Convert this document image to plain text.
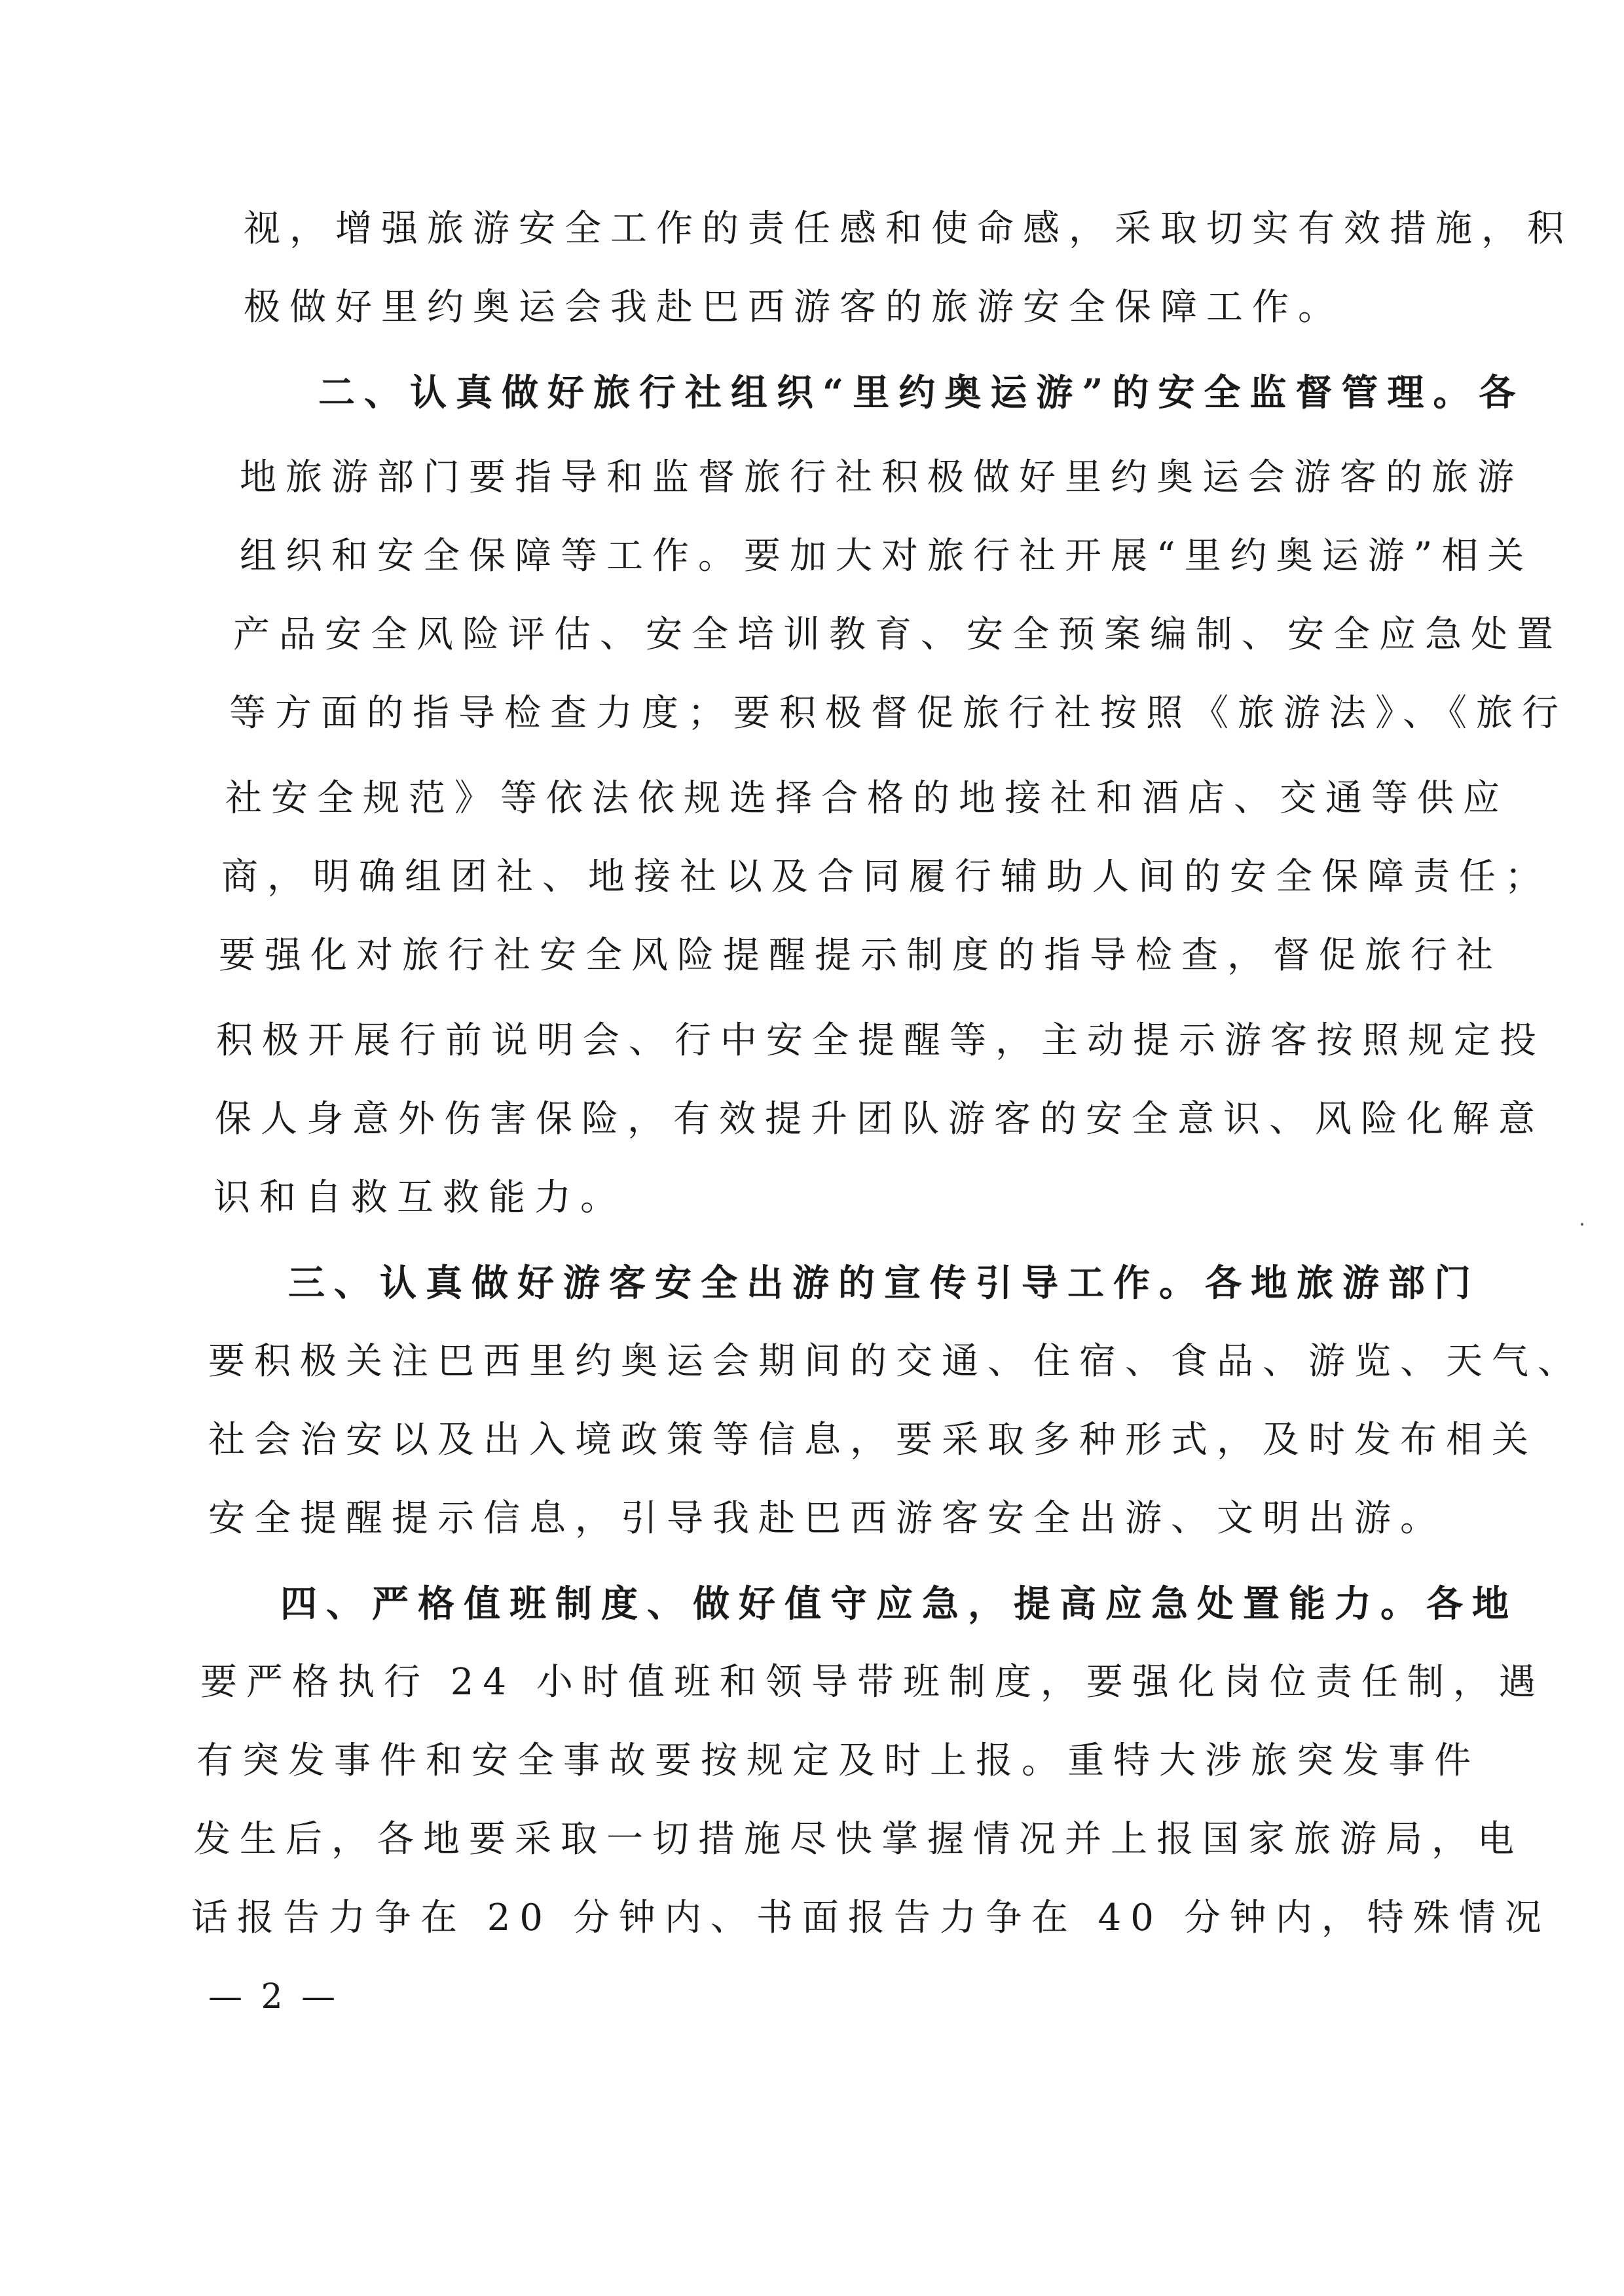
视，增强旅游安全工作的责任感和使命感，采取切实有效措施，积
极做好里约奥运会我赴巴西游客的旅游安全保障工作。
二、认真做好旅行社组织“里约奥运游”的安全监督管理。各
地旅游部门要指导和监督旅行社积极做好里约奥运会游客的旅游
组织和安全保障等工作。要加大对旅行社开展“里约奥运游”相关
产品安全风险评估、安全培训教育、安全预案编制、安全应急处置
等方面的指导检查力度；要积极督促旅行社按照《旅游法》、《旅行
社安全规范》等依法依规选择合格的地接社和酒店、交通等供应
商，明确组团社、地接社以及合同履行辅助人间的安全保障责任；
要强化对旅行社安全风险提醒提示制度的指导检查，督促旅行社
积极开展行前说明会、行中安全提醒等，主动提示游客按照规定投
保人身意外伤害保险，有效提升团队游客的安全意识、风险化解意
识和自救互救能力。
三、认真做好游客安全出游的宣传引导工作。各地旅游部门
要积极关注巴西里约奥运会期间的交通、住宿、食品、游览、天气、
社会治安以及出入境政策等信息，要采取多种形式，及时发布相关
安全提醒提示信息，引导我赴巴西游客安全出游、文明出游。
四、严格值班制度、做好值守应急，提高应急处置能力。各地
要严格执行 24 小时值班和领导带班制度，要强化岗位责任制，遇
有突发事件和安全事故要按规定及时上报。重特大涉旅突发事件
发生后，各地要采取一切措施尽快掌握情况并上报国家旅游局，电
话报告力争在 20 分钟内、书面报告力争在 40 分钟内，特殊情况
— 2 —
